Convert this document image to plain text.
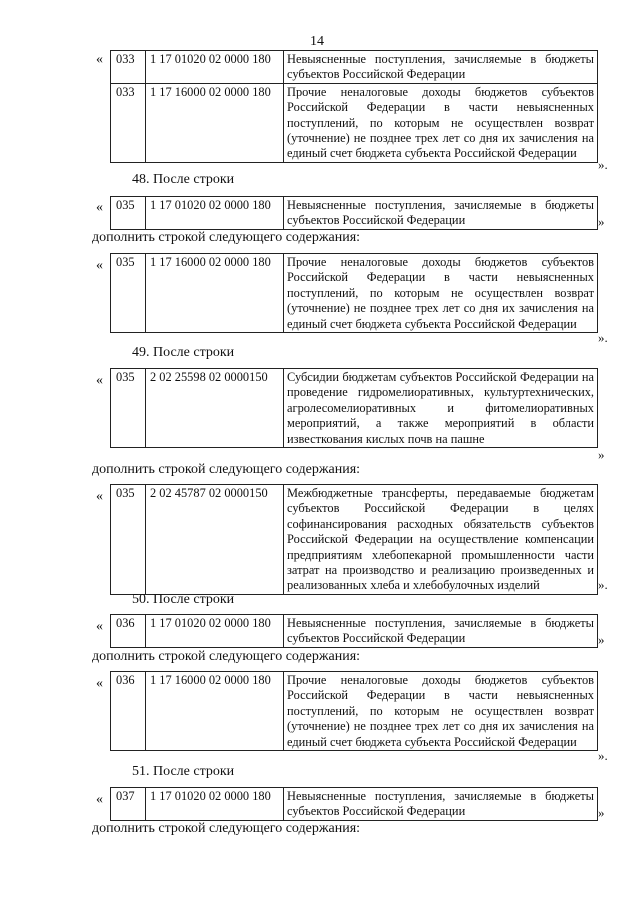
14
« 033	1 17 01020 02 0000 180	Невыясненные поступления, зачисляемые в бюджеты субъектов Российской Федерации
033	1 17 16000 02 0000 180	Прочие неналоговые доходы бюджетов субъектов Российской Федерации в части невыясненных поступлений, по которым не осуществлен возврат (уточнение) не позднее трех лет со дня их зачисления на единый счет бюджета субъекта Российской Федерации
».
48. После строки
« 035	1 17 01020 02 0000 180	Невыясненные поступления, зачисляемые в бюджеты субъектов Российской Федерации	»
дополнить строкой следующего содержания:
« 035	1 17 16000 02 0000 180	Прочие неналоговые доходы бюджетов субъектов Российской Федерации в части невыясненных поступлений, по которым не осуществлен возврат (уточнение) не позднее трех лет со дня их зачисления на единый счет бюджета субъекта Российской Федерации
».
49. После строки
« 035	2 02 25598 02 0000150	Субсидии бюджетам субъектов Российской Федерации на проведение гидромелиоративных, культуртехнических, агролесомелиоративных и фитомелиоративных мероприятий, а также мероприятий в области известкования кислых почв на пашне
»
дополнить строкой следующего содержания:
« 035	2 02 45787 02 0000150	Межбюджетные трансферты, передаваемые бюджетам субъектов Российской Федерации в целях софинансирования расходных обязательств субъектов Российской Федерации на осуществление компенсации предприятиям хлебопекарной промышленности части затрат на производство и реализацию произведенных и реализованных хлеба и хлебобулочных изделий	».
50. После строки
« 036	1 17 01020 02 0000 180	Невыясненные поступления, зачисляемые в бюджеты субъектов Российской Федерации	»
дополнить строкой следующего содержания:
« 036	1 17 16000 02 0000 180	Прочие неналоговые доходы бюджетов субъектов Российской Федерации в части невыясненных поступлений, по которым не осуществлен возврат (уточнение) не позднее трех лет со дня их зачисления на единый счет бюджета субъекта Российской Федерации
».
51. После строки
« 037	1 17 01020 02 0000 180	Невыясненные поступления, зачисляемые в бюджеты субъектов Российской Федерации	»
дополнить строкой следующего содержания:
